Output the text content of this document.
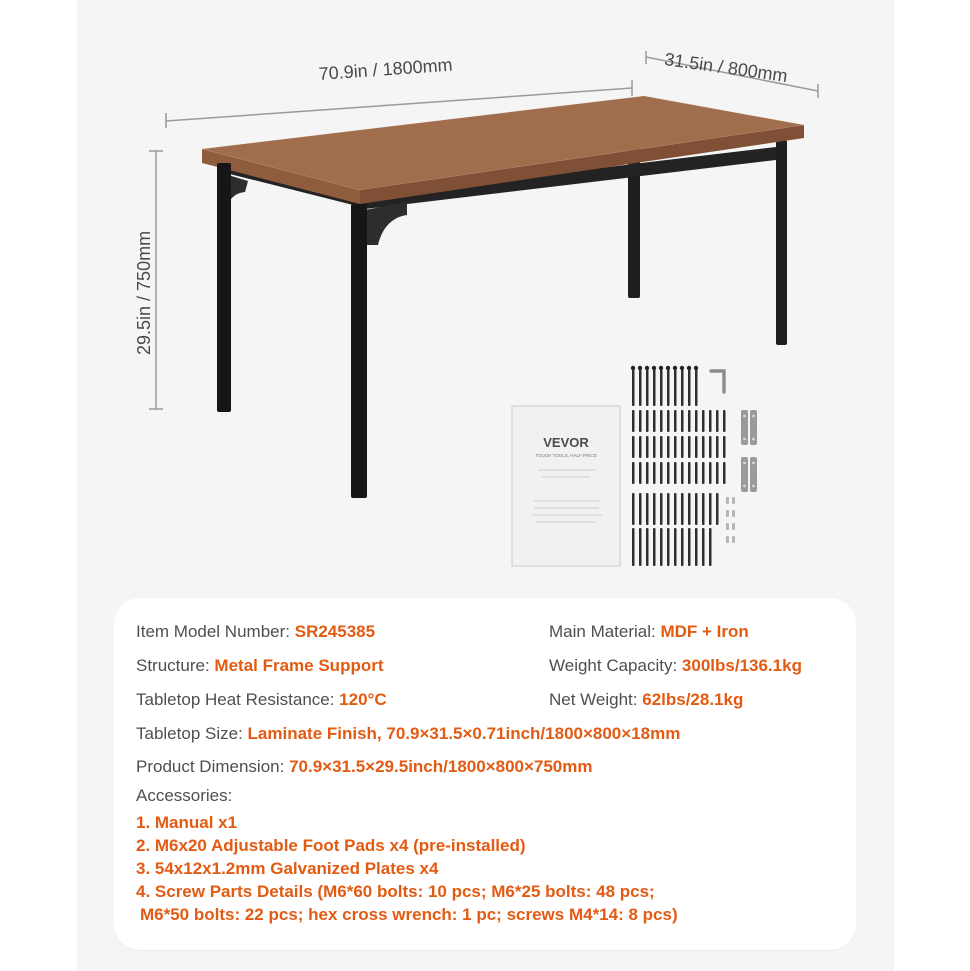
VEVOR
TOUGH TOOLS, HALF PRICE
70.9in / 1800mm	31.5in / 800mm
29.5in / 750mm
Item Model Number: SR245385	Main Material: MDF + Iron
Structure: Metal Frame Support	Weight Capacity: 300lbs/136.1kg
Tabletop Heat Resistance: 120°C	Net Weight: 62lbs/28.1kg
Tabletop Size: Laminate Finish, 70.9×31.5×0.71inch/1800×800×18mm
Product Dimension: 70.9×31.5×29.5inch/1800×800×750mm
Accessories:
1. Manual x1
2. M6x20 Adjustable Foot Pads x4 (pre-installed)
3. 54x12x1.2mm Galvanized Plates x4
4. Screw Parts Details (M6*60 bolts: 10 pcs; M6*25 bolts: 48 pcs;
M6*50 bolts: 22 pcs; hex cross wrench: 1 pc; screws M4*14: 8 pcs)
